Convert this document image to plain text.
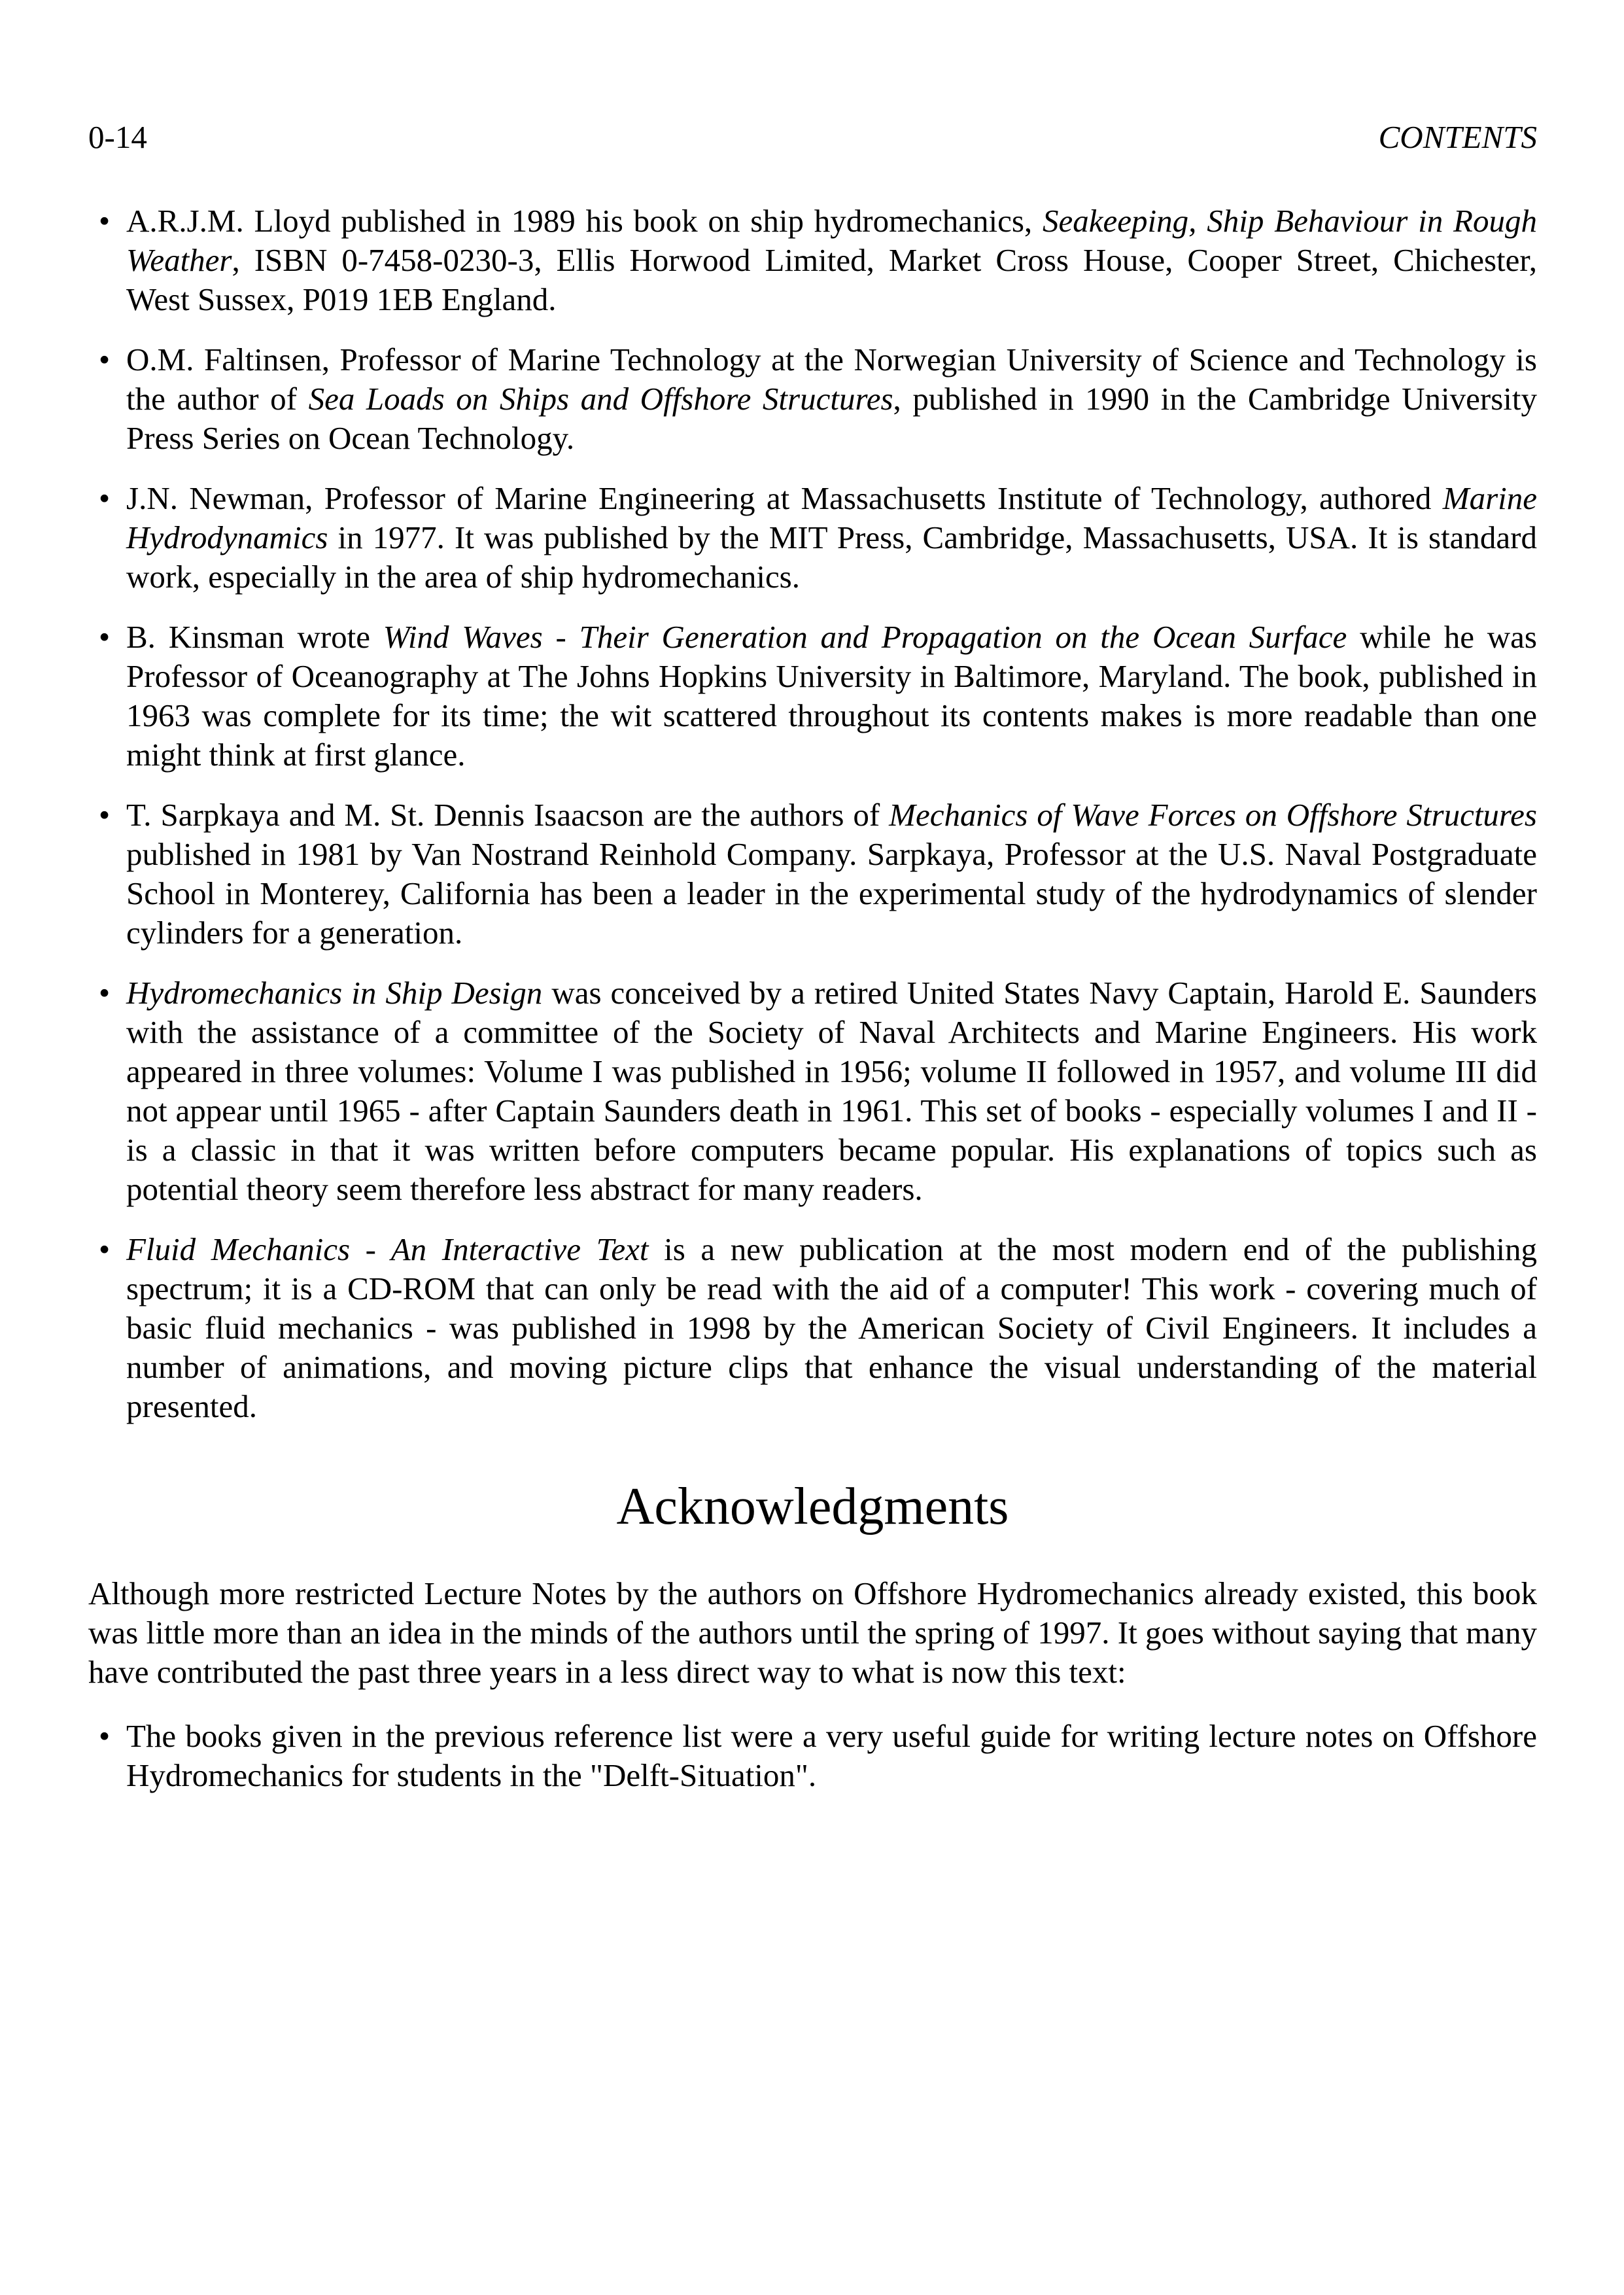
0-14	CONTENTS
• A.R.J.M. Lloyd published in 1989 his book on ship hydromechanics, Seakeeping, Ship Behaviour in Rough Weather, ISBN 0-7458-0230-3, Ellis Horwood Limited, Market Cross House, Cooper Street, Chichester, West Sussex, P019 1EB England.
• O.M. Faltinsen, Professor of Marine Technology at the Norwegian University of Science and Technology is the author of Sea Loads on Ships and Offshore Structures, published in 1990 in the Cambridge University Press Series on Ocean Technology.
• J.N. Newman, Professor of Marine Engineering at Massachusetts Institute of Technology, authored Marine Hydrodynamics in 1977. It was published by the MIT Press, Cambridge, Massachusetts, USA. It is standard work, especially in the area of ship hydromechanics.
• B. Kinsman wrote Wind Waves - Their Generation and Propagation on the Ocean Surface while he was Professor of Oceanography at The Johns Hopkins University in Baltimore, Maryland. The book, published in 1963 was complete for its time; the wit scattered throughout its contents makes is more readable than one might think at first glance.
• T. Sarpkaya and M. St. Dennis Isaacson are the authors of Mechanics of Wave Forces on Offshore Structures published in 1981 by Van Nostrand Reinhold Company. Sarpkaya, Professor at the U.S. Naval Postgraduate School in Monterey, California has been a leader in the experimental study of the hydrodynamics of slender cylinders for a generation.
• Hydromechanics in Ship Design was conceived by a retired United States Navy Captain, Harold E. Saunders with the assistance of a committee of the Society of Naval Architects and Marine Engineers. His work appeared in three volumes: Volume I was published in 1956; volume II followed in 1957, and volume III did not appear until 1965 - after Captain Saunders death in 1961. This set of books - especially volumes I and II - is a classic in that it was written before computers became popular. His explanations of topics such as potential theory seem therefore less abstract for many readers.
• Fluid Mechanics - An Interactive Text is a new publication at the most modern end of the publishing spectrum; it is a CD-ROM that can only be read with the aid of a computer! This work - covering much of basic fluid mechanics - was published in 1998 by the American Society of Civil Engineers. It includes a number of animations, and moving picture clips that enhance the visual understanding of the material presented.
Acknowledgments

Although more restricted Lecture Notes by the authors on Offshore Hydromechanics already existed, this book was little more than an idea in the minds of the authors until the spring of 1997. It goes without saying that many have contributed the past three years in a less direct way to what is now this text:

• The books given in the previous reference list were a very useful guide for writing lecture notes on Offshore Hydromechanics for students in the "Delft-Situation".
